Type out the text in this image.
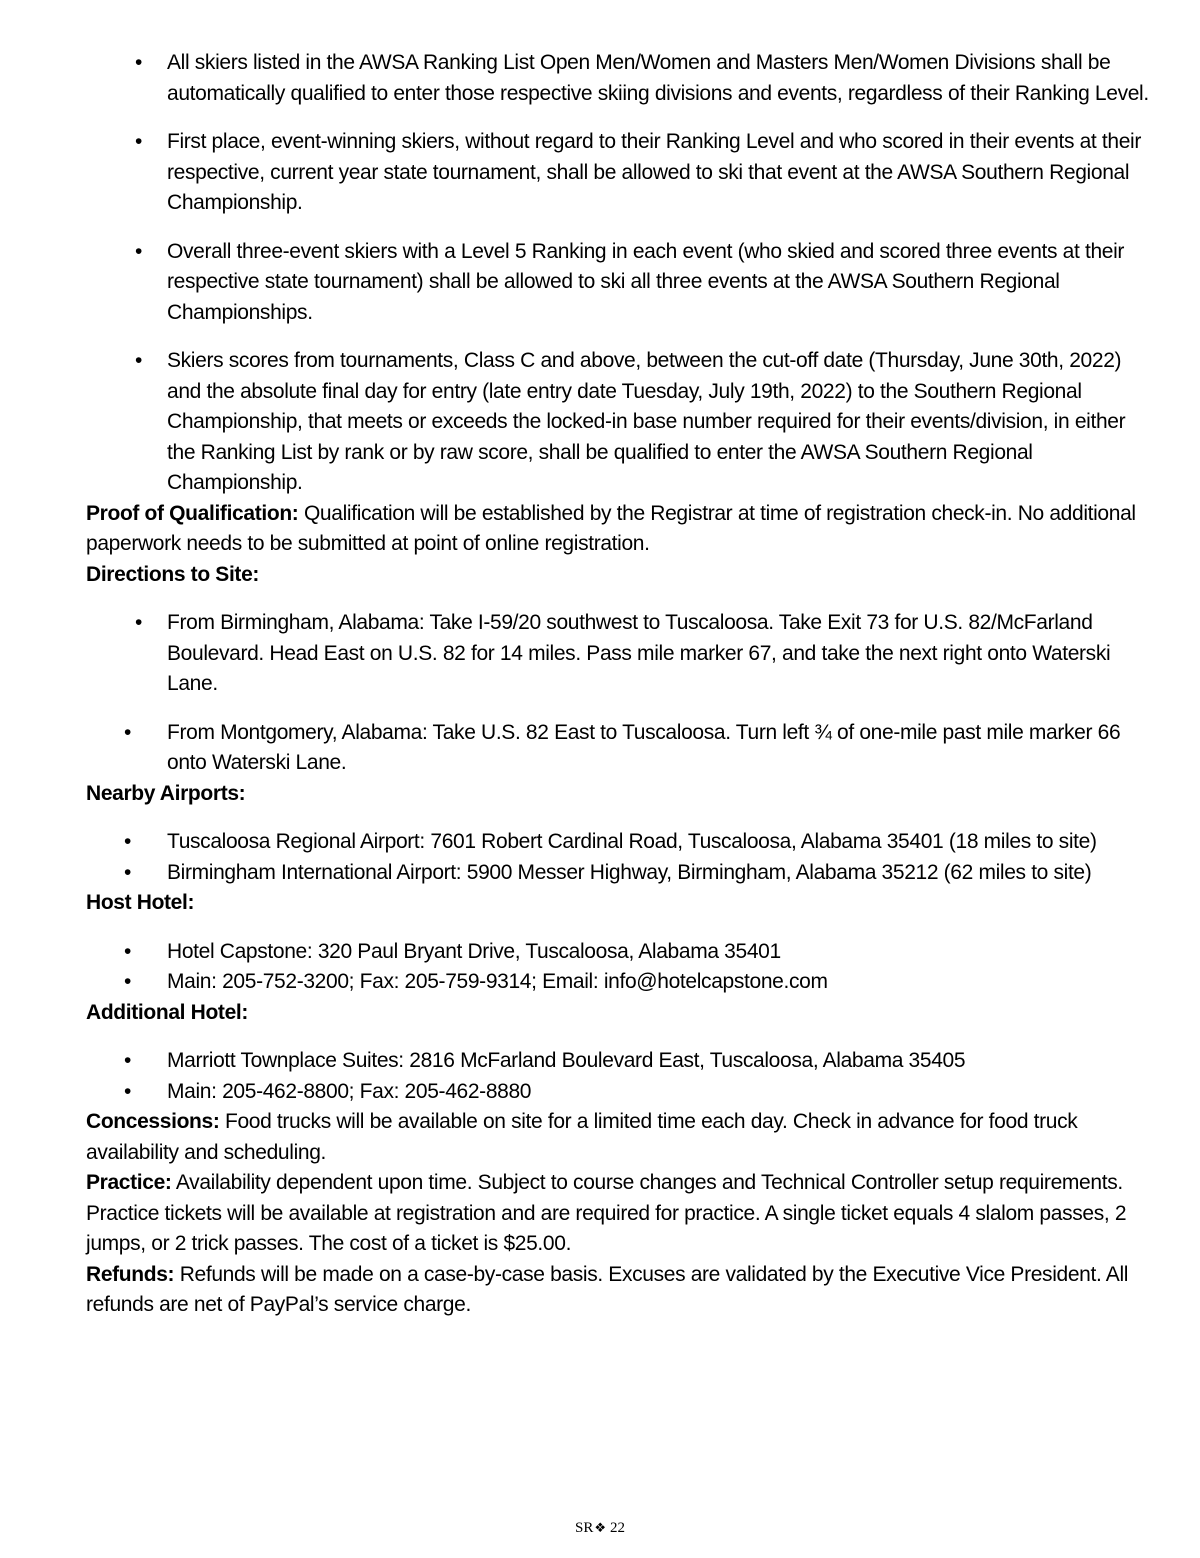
• All skiers listed in the AWSA Ranking List Open Men/Women and Masters Men/Women Divisions shall be automatically qualified to enter those respective skiing divisions and events, regardless of their Ranking Level.
• First place, event-winning skiers, without regard to their Ranking Level and who scored in their events at their respective, current year state tournament, shall be allowed to ski that event at the AWSA Southern Regional Championship.
• Overall three-event skiers with a Level 5 Ranking in each event (who skied and scored three events at their respective state tournament) shall be allowed to ski all three events at the AWSA Southern Regional Championships.
• Skiers scores from tournaments, Class C and above, between the cut-off date (Thursday, June 30th, 2022) and the absolute final day for entry (late entry date Tuesday, July 19th, 2022) to the Southern Regional Championship, that meets or exceeds the locked-in base number required for their events/division, in either the Ranking List by rank or by raw score, shall be qualified to enter the AWSA Southern Regional Championship.

Proof of Qualification: Qualification will be established by the Registrar at time of registration check-in. No additional paperwork needs to be submitted at point of online registration.

Directions to Site:

• From Birmingham, Alabama: Take I-59/20 southwest to Tuscaloosa. Take Exit 73 for U.S. 82/McFarland Boulevard. Head East on U.S. 82 for 14 miles. Pass mile marker 67, and take the next right onto Waterski Lane.
• From Montgomery, Alabama: Take U.S. 82 East to Tuscaloosa. Turn left ¾ of one-mile past mile marker 66 onto Waterski Lane.

Nearby Airports:

• Tuscaloosa Regional Airport: 7601 Robert Cardinal Road, Tuscaloosa, Alabama 35401 (18 miles to site)
• Birmingham International Airport: 5900 Messer Highway, Birmingham, Alabama 35212 (62 miles to site)

Host Hotel:

• Hotel Capstone: 320 Paul Bryant Drive, Tuscaloosa, Alabama 35401
• Main: 205-752-3200; Fax: 205-759-9314; Email: info@hotelcapstone.com

Additional Hotel:

• Marriott Townplace Suites: 2816 McFarland Boulevard East, Tuscaloosa, Alabama 35405
• Main: 205-462-8800; Fax: 205-462-8880

Concessions: Food trucks will be available on site for a limited time each day. Check in advance for food truck availability and scheduling.

Practice: Availability dependent upon time. Subject to course changes and Technical Controller setup requirements. Practice tickets will be available at registration and are required for practice. A single ticket equals 4 slalom passes, 2 jumps, or 2 trick passes. The cost of a ticket is $25.00.

Refunds: Refunds will be made on a case-by-case basis. Excuses are validated by the Executive Vice President. All refunds are net of PayPal’s service charge.

SR❖ 22
